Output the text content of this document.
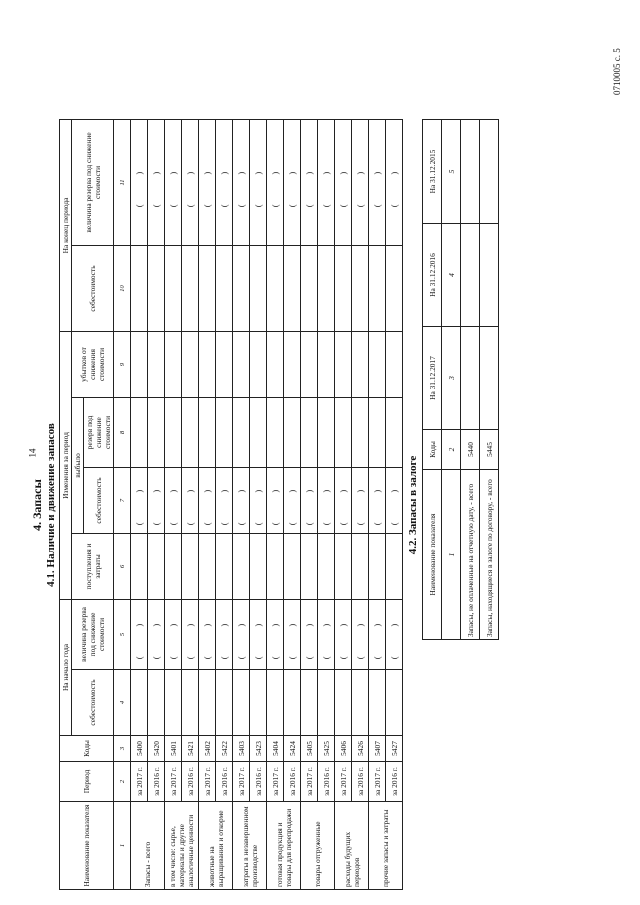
0710005 с. 5
14
4. Запасы 4.1. Наличие и движение запасов
Наименование показателя	Период	Коды	На начало года		Изменения за период				На конец периода	
			себестоимость	величина резерва под снижение стоимости	поступления и затраты	выбыло		убытков от снижения стоимости	себестоимость	величина резерва под снижение стоимости
						себестоимость	резерв под снижение стоимости			
1	2	3	4	5	6	7	8	9	10	11
Запасы - всего	за 2017 г.	5400		( )		( )				( )
	за 2016 г.	5420		( )		( )				( )
в том числе: сырье, материалы и другие аналогичные ценности	за 2017 г.	5401		( )		( )				( )
	за 2016 г.	5421		( )		( )				( )
животные на выращивании и откорме	за 2017 г.	5402		( )		( )				( )
	за 2016 г.	5422		( )		( )				( )
затраты в незавершенном производстве	за 2017 г.	5403		( )		( )				( )
	за 2016 г.	5423		( )		( )				( )
готовая продукция и товары для перепродажи	за 2017 г.	5404		( )		( )				( )
	за 2016 г.	5424		( )		( )				( )
товары отгруженные	за 2017 г.	5405		( )		( )				( )
	за 2016 г.	5425		( )		( )				( )
расходы будущих периодов	за 2017 г.	5406		( )		( )				( )
	за 2016 г.	5426		( )		( )				( )
прочие запасы и затраты	за 2017 г.	5407		( )		( )				( )
	за 2016 г.	5427		( )		( )				( )
4.2. Запасы в залоге
Наименование показателя	Коды	На 31.12.2017	На 31.12.2016	На 31.12.2015
1	2	3	4	5
Запасы, не оплаченные на отчетную дату, - всего	5440			
Запасы, находящиеся в залоге по договору, - всего	5445			
